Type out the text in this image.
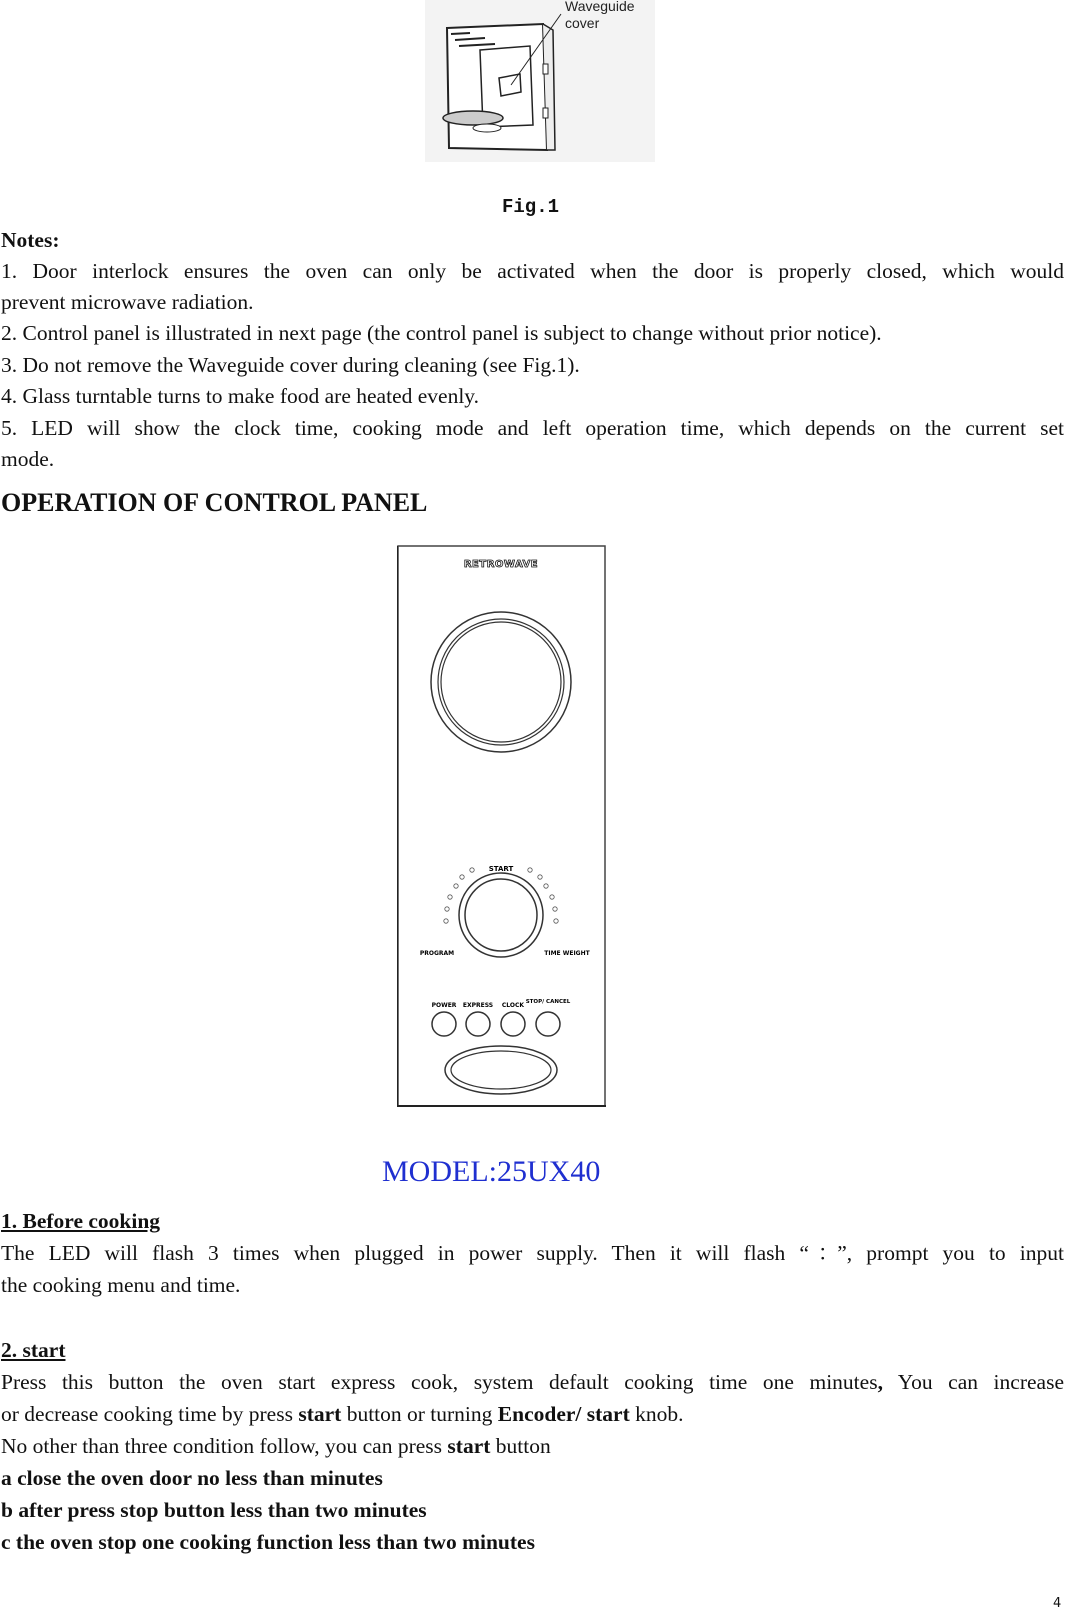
Waveguide cover
Fig.1
Notes:
1. Door interlock ensures the oven can only be activated when the door is properly closed, which would
prevent microwave radiation.
2. Control panel is illustrated in next page (the control panel is subject to change without prior notice).
3. Do not remove the Waveguide cover during cleaning (see Fig.1).
4. Glass turntable turns to make food are heated evenly.
5. LED will show the clock time, cooking mode and left operation time, which depends on the current set
mode.
OPERATION OF CONTROL PANEL
RETROWAVE
START
PROGRAM	TIME WEIGHT
POWER EXPRESS CLOCK STOP/ CANCEL
MODEL:25UX40
1. Before cooking
The LED will flash 3 times when plugged in power supply. Then it will flash “：”, prompt you to input
the cooking menu and time.
2. start
Press this button the oven start express cook, system default cooking time one minutes, You can increase
or decrease cooking time by press start button or turning Encoder/ start knob.
No other than three condition follow, you can press start button
a close the oven door no less than minutes
b after press stop button less than two minutes
c the oven stop one cooking function less than two minutes
4
